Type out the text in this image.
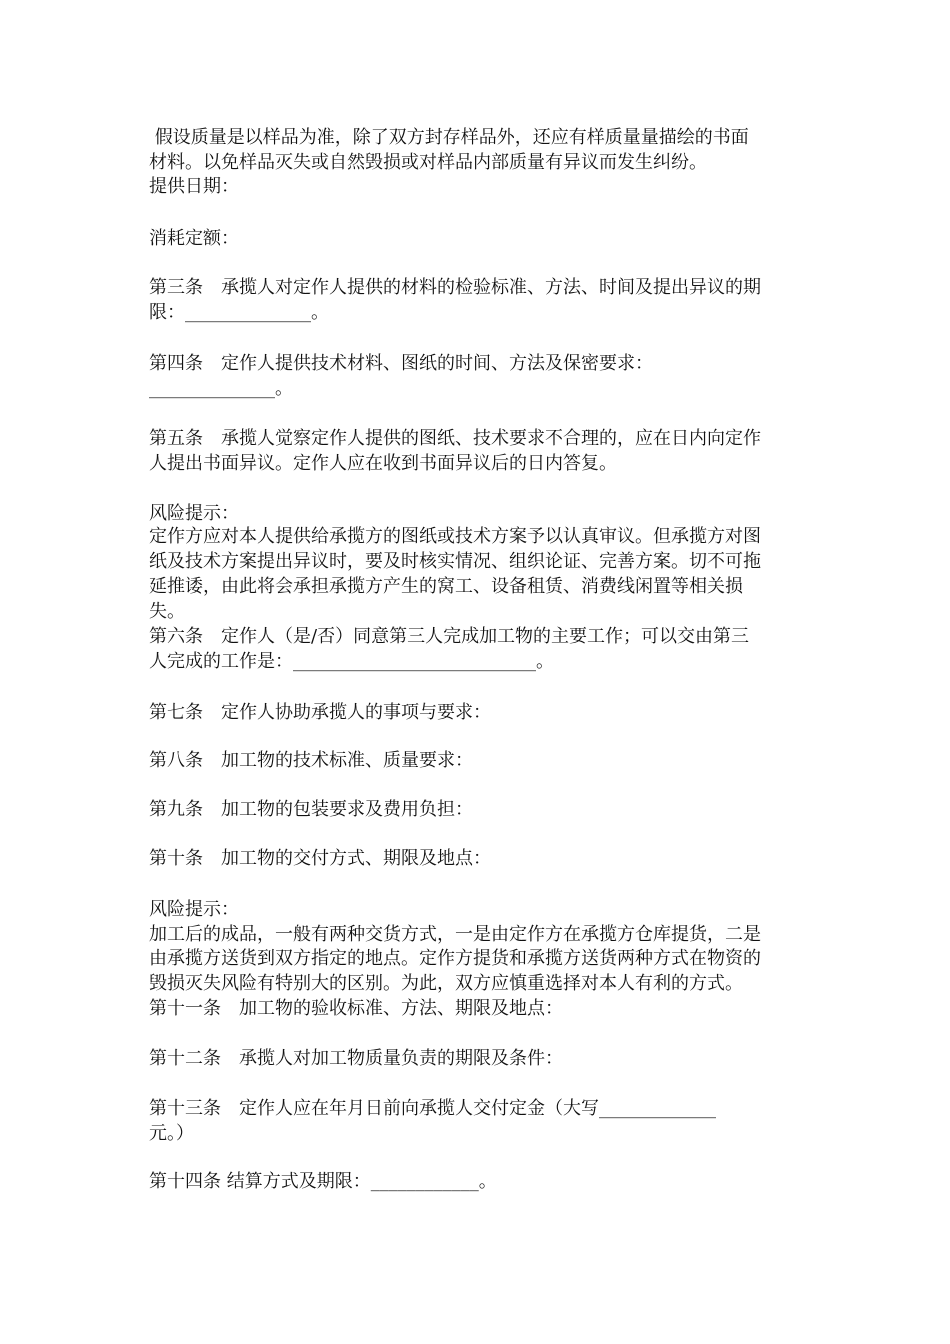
假设质量是以样品为准，除了双方封存样品外，还应有样质量量描绘的书面
材料。以免样品灭失或自然毁损或对样品内部质量有异议而发生纠纷。
提供日期：
消耗定额：
第三条　承揽人对定作人提供的材料的检验标准、方法、时间及提出异议的期
限：______________。
第四条　定作人提供技术材料、图纸的时间、方法及保密要求：
______________。
第五条　承揽人觉察定作人提供的图纸、技术要求不合理的，应在日内向定作
人提出书面异议。定作人应在收到书面异议后的日内答复。
风险提示：
定作方应对本人提供给承揽方的图纸或技术方案予以认真审议。但承揽方对图
纸及技术方案提出异议时，要及时核实情况、组织论证、完善方案。切不可拖
延推诿，由此将会承担承揽方产生的窝工、设备租赁、消费线闲置等相关损
失。
第六条　定作人（是/否）同意第三人完成加工物的主要工作；可以交由第三
人完成的工作是：___________________________。
第七条　定作人协助承揽人的事项与要求：
第八条　加工物的技术标准、质量要求：
第九条　加工物的包装要求及费用负担：
第十条　加工物的交付方式、期限及地点：
风险提示：
加工后的成品，一般有两种交货方式，一是由定作方在承揽方仓库提货，二是
由承揽方送货到双方指定的地点。定作方提货和承揽方送货两种方式在物资的
毁损灭失风险有特别大的区别。为此，双方应慎重选择对本人有利的方式。
第十一条　加工物的验收标准、方法、期限及地点：
第十二条　承揽人对加工物质量负责的期限及条件：
第十三条　定作人应在年月日前向承揽人交付定金（大写_____________
元。）
第十四条 结算方式及期限：____________。
